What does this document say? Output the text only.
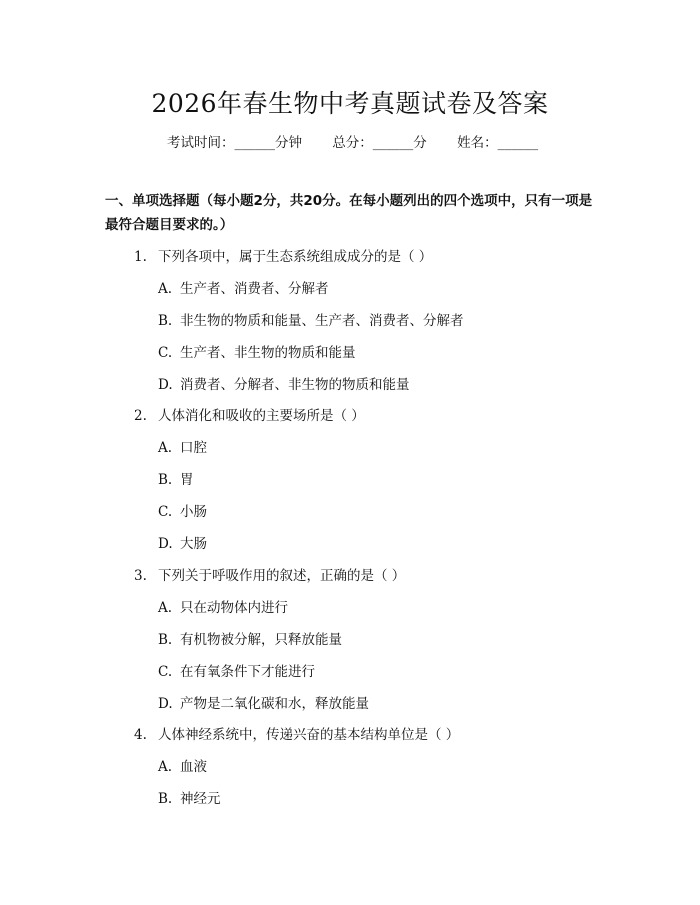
2026年春生物中考真题试卷及答案
考试时间：______分钟 总分：______分 姓名：______
一、单项选择题（每小题2分，共20分。在每小题列出的四个选项中，只有一项是最符合题目要求的。）
1. 下列各项中，属于生态系统组成成分的是（ ）
A. 生产者、消费者、分解者
B. 非生物的物质和能量、生产者、消费者、分解者
C. 生产者、非生物的物质和能量
D. 消费者、分解者、非生物的物质和能量
2. 人体消化和吸收的主要场所是（ ）
A. 口腔
B. 胃
C. 小肠
D. 大肠
3. 下列关于呼吸作用的叙述，正确的是（ ）
A. 只在动物体内进行
B. 有机物被分解，只释放能量
C. 在有氧条件下才能进行
D. 产物是二氧化碳和水，释放能量
4. 人体神经系统中，传递兴奋的基本结构单位是（ ）
A. 血液
B. 神经元
